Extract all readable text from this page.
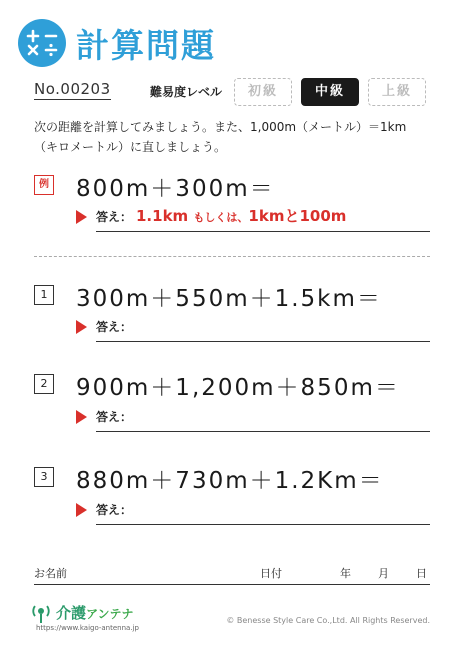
計算問題
No.00203	難易度レベル	初級	中級	上級
次の距離を計算してみましょう。また、1,000m（メートル）＝1km
（キロメートル）に直しましょう。
例 800m＋300m＝
答え： 1.1km もしくは、1kmと100m
1 300m＋550m＋1.5km＝
答え：
2 900m＋1,200m＋850m＝
答え：
3 880m＋730m＋1.2Km＝
答え：
お名前	日付	年 月 日
介護アンテナ
https://www.kaigo-antenna.jp
© Benesse Style Care Co.,Ltd. All Rights Reserved.
